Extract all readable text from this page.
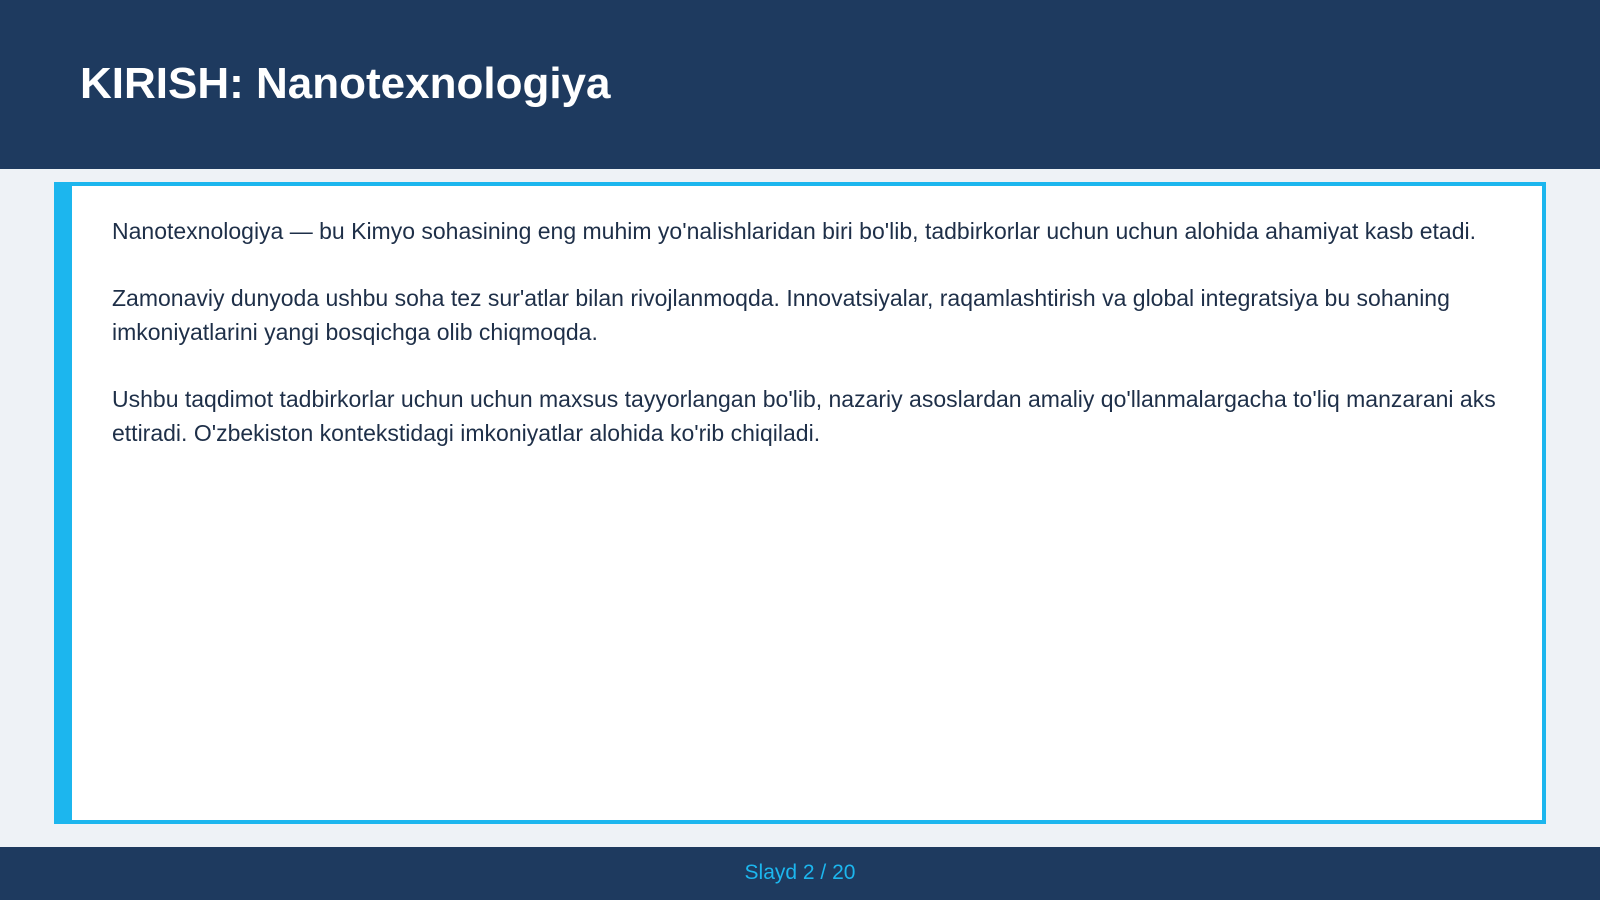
KIRISH: Nanotexnologiya

Nanotexnologiya — bu Kimyo sohasining eng muhim yo'nalishlaridan biri bo'lib, tadbirkorlar uchun uchun alohida ahamiyat kasb etadi.

Zamonaviy dunyoda ushbu soha tez sur'atlar bilan rivojlanmoqda. Innovatsiyalar, raqamlashtirish va global integratsiya bu sohaning imkoniyatlarini yangi bosqichga olib chiqmoqda.

Ushbu taqdimot tadbirkorlar uchun uchun maxsus tayyorlangan bo'lib, nazariy asoslardan amaliy qo'llanmalargacha to'liq manzarani aks ettiradi. O'zbekiston kontekstidagi imkoniyatlar alohida ko'rib chiqiladi.

Slayd 2 / 20
